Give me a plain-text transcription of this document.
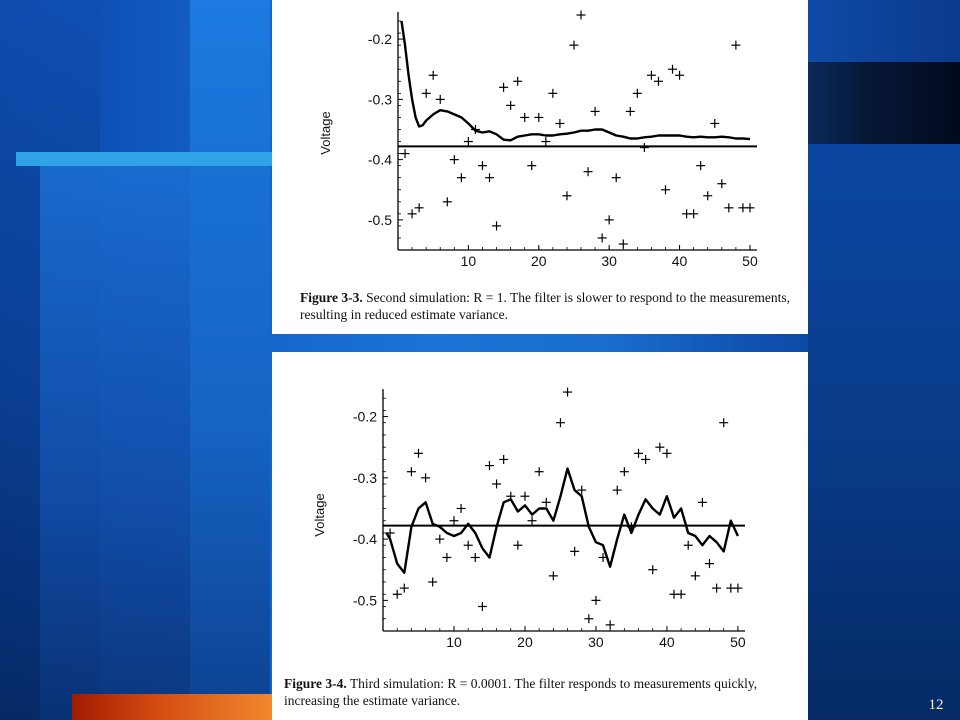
-0.2
-0.3
-0.4
-0.5
10	20	30	40	50
Voltage
Figure 3-3. Second simulation: R = 1. The filter is slower to respond to the measurements, resulting in reduced estimate variance.
-0.2
-0.3
-0.4
-0.5
10	20	30	40	50
Voltage
Figure 3-4. Third simulation: R = 0.0001. The filter responds to measurements quickly, increasing the estimate variance.	12
